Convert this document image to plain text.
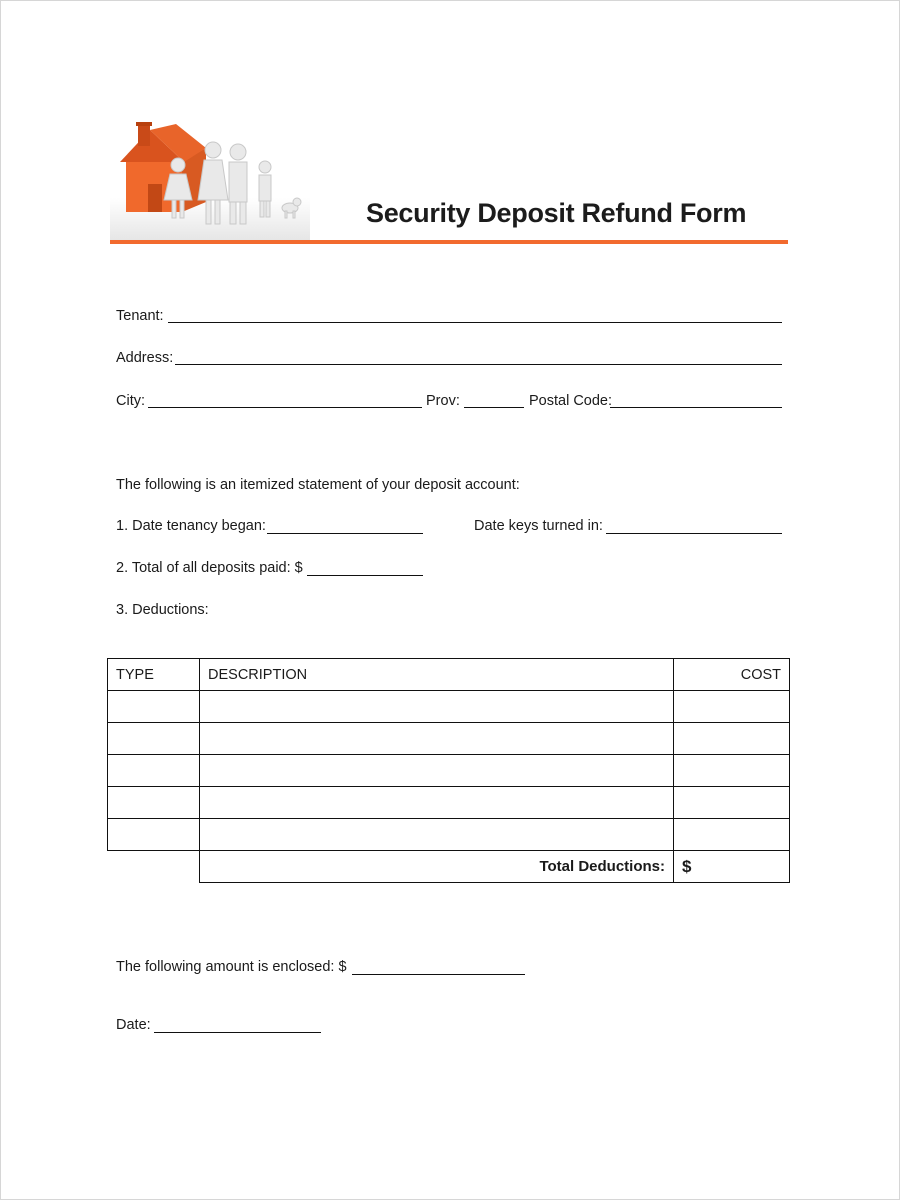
Security Deposit Refund Form
Tenant:
Address:
City:	Prov:	Postal Code:
The following is an itemized statement of your deposit account:
1. Date tenancy began:	Date keys turned in:
2. Total of all deposits paid: $
3. Deductions:
TYPE	DESCRIPTION	COST

	Total Deductions:	$
The following amount is enclosed: $
Date:
